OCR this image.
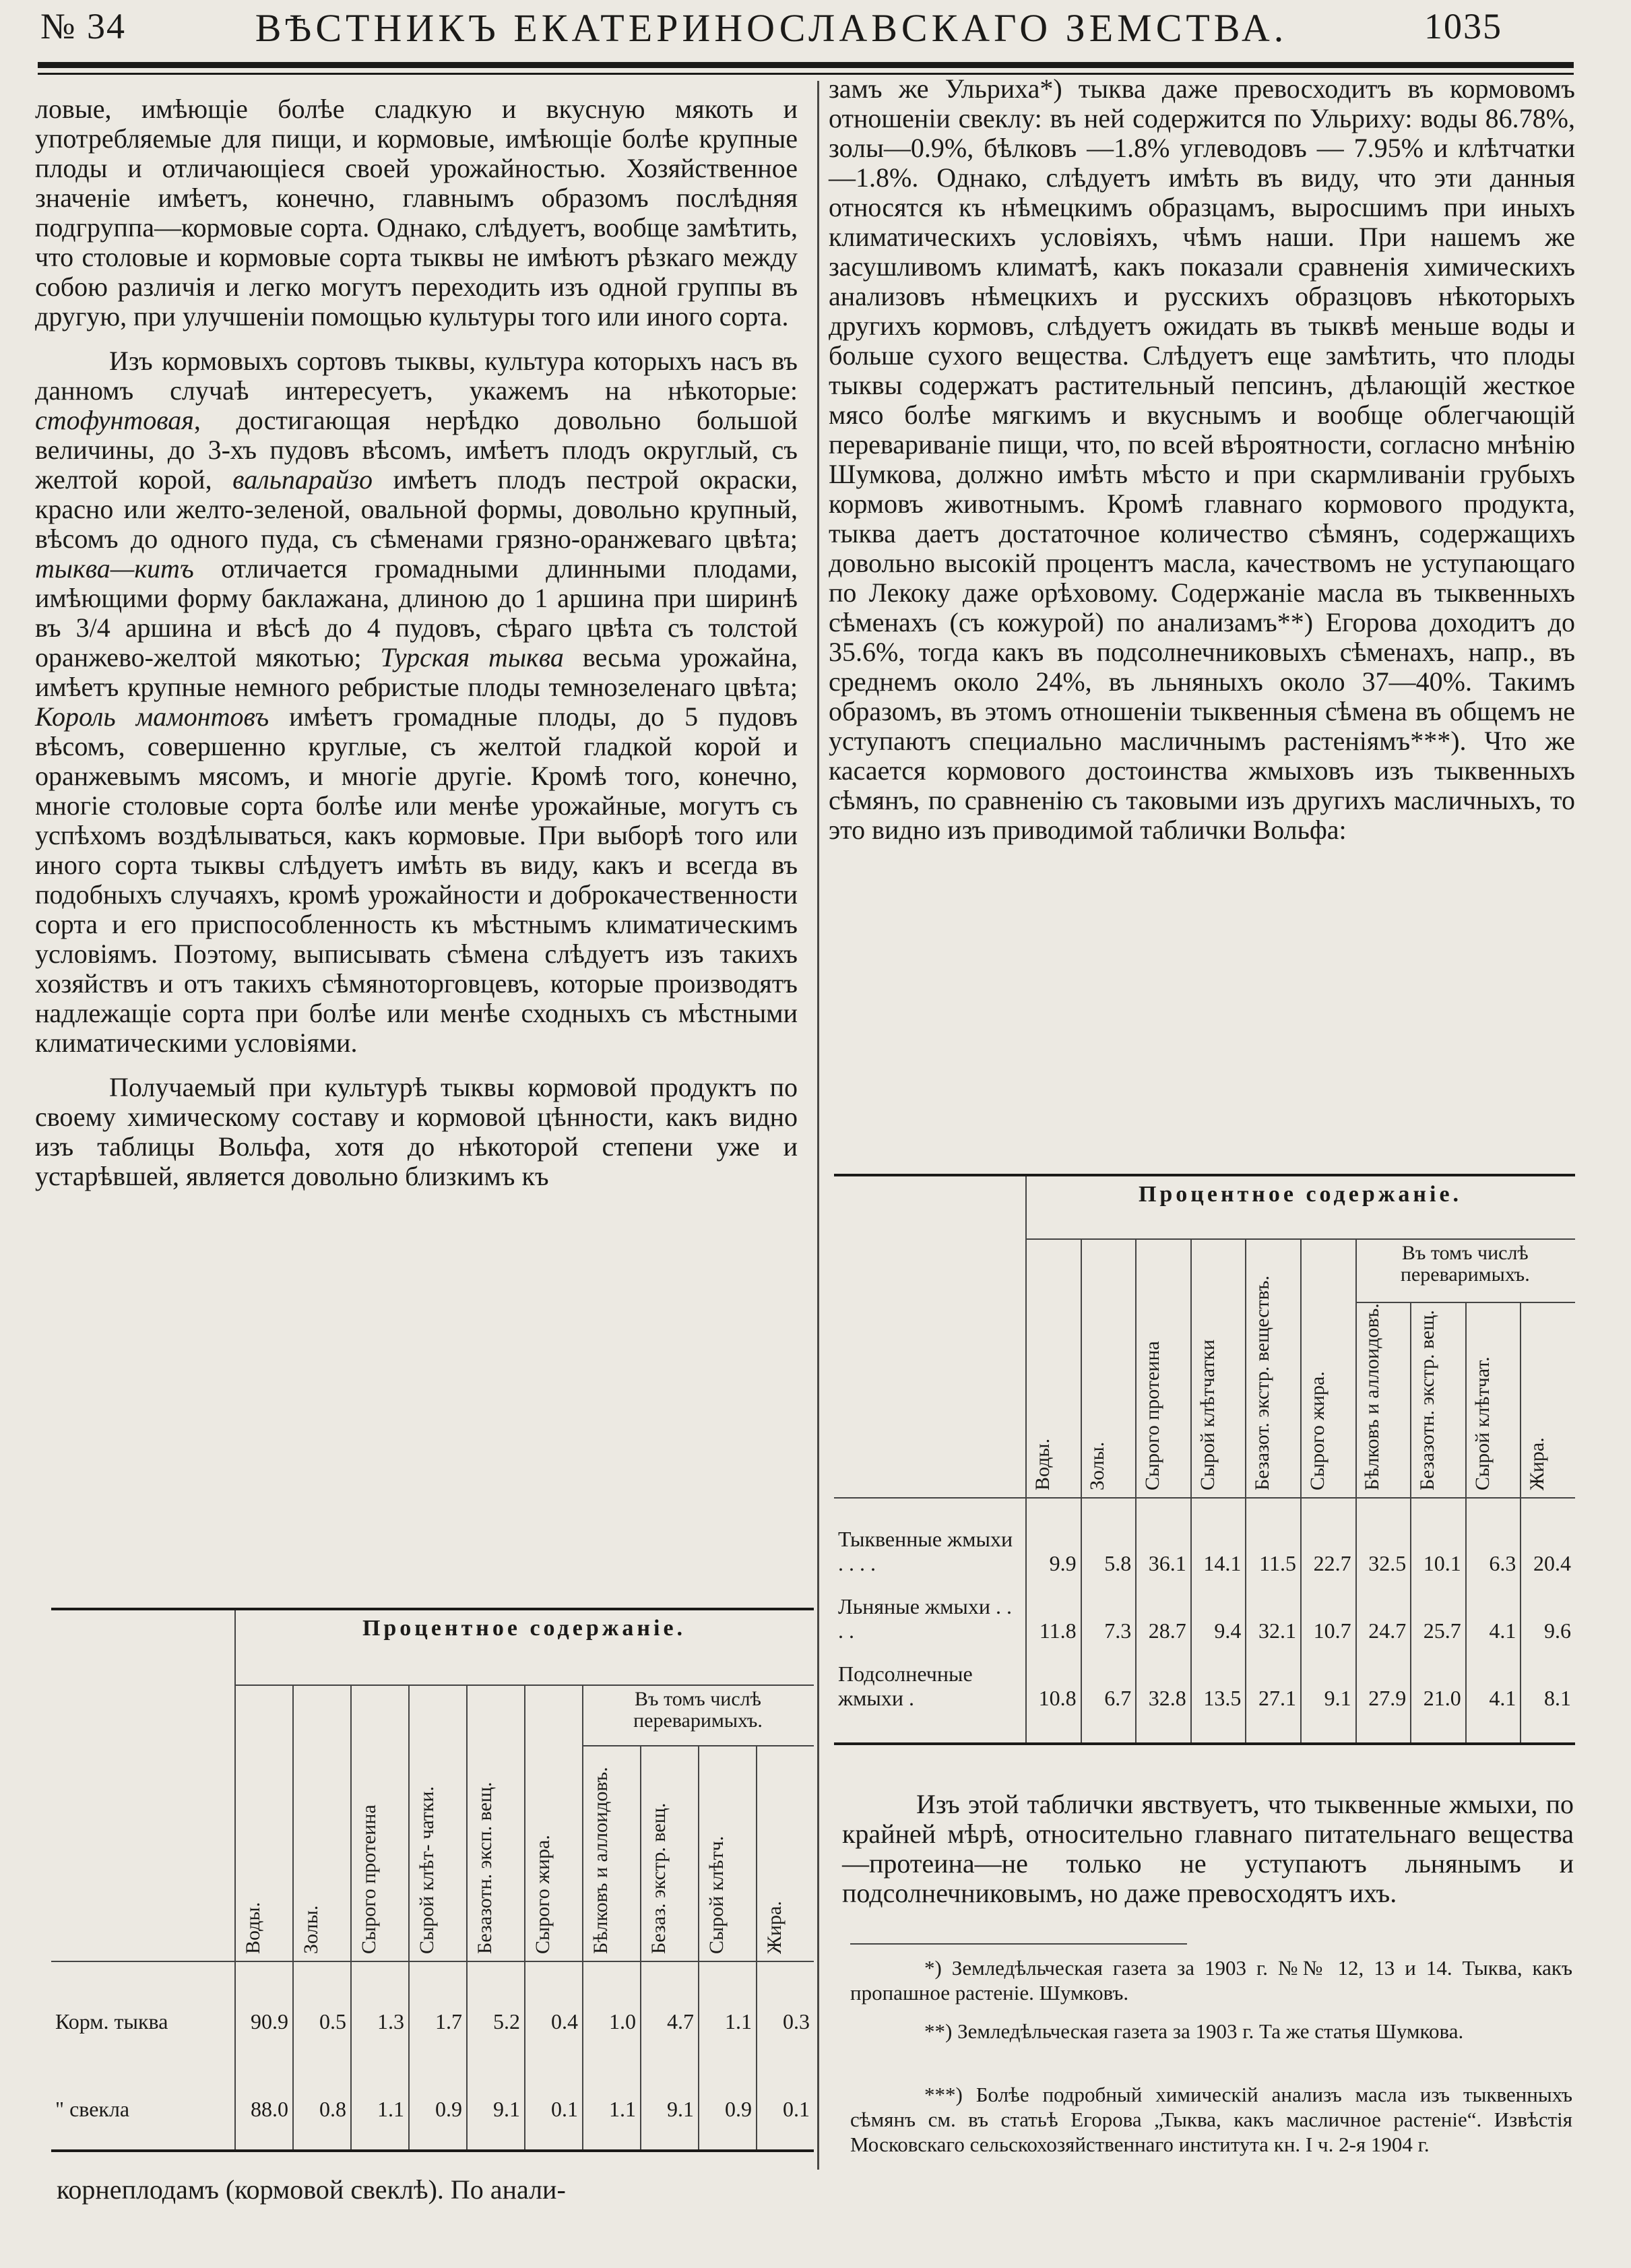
№ 34	ВѢСТНИКЪ ЕКАТЕРИНОСЛАВСКАГО ЗЕМСТВА.	1035

ловые, имѣющіе болѣе сладкую и вкусную мякоть и употребляемые для пищи, и кормовые, имѣющіе болѣе крупные плоды и отличающіеся своей урожайностью. Хозяйственное значеніе имѣетъ, конечно, главнымъ образомъ послѣдняя подгруппа—кормовые сорта. Однако, слѣдуетъ, вообще замѣтить, что столовые и кормовые сорта тыквы не имѣютъ рѣзкаго между собою различія и легко могутъ переходить изъ одной группы въ другую, при улучшеніи помощью культуры того или иного сорта.

Изъ кормовыхъ сортовъ тыквы, культура которыхъ насъ въ данномъ случаѣ интересуетъ, укажемъ на нѣкоторые: стофунтовая, достигающая нерѣдко довольно большой величины, до 3-хъ пудовъ вѣсомъ, имѣетъ плодъ округлый, съ желтой корой, вальпарайзо имѣетъ плодъ пестрой окраски, красно или желто-зеленой, овальной формы, довольно крупный, вѣсомъ до одного пуда, съ сѣменами грязно-оранжеваго цвѣта; тыква—китъ отличается громадными длинными плодами, имѣющими форму баклажана, длиною до 1 аршина при ширинѣ въ 3/4 аршина и вѣсѣ до 4 пудовъ, сѣраго цвѣта съ толстой оранжево-желтой мякотью; Турская тыква весьма урожайна, имѣетъ крупные немного ребристые плоды темнозеленаго цвѣта; Король мамонтовъ имѣетъ громадные плоды, до 5 пудовъ вѣсомъ, совершенно круглые, съ желтой гладкой корой и оранжевымъ мясомъ, и многіе другіе. Кромѣ того, конечно, многіе столовые сорта болѣе или менѣе урожайные, могутъ съ успѣхомъ воздѣлываться, какъ кормовые. При выборѣ того или иного сорта тыквы слѣдуетъ имѣть въ виду, какъ и всегда въ подобныхъ случаяхъ, кромѣ урожайности и доброкачественности сорта и его приспособленность къ мѣстнымъ климатическимъ условіямъ. Поэтому, выписывать сѣмена слѣдуетъ изъ такихъ хозяйствъ и отъ такихъ сѣмяноторговцевъ, которые производятъ надлежащіе сорта при болѣе или менѣе сходныхъ съ мѣстными климатическими условіями.

Получаемый при культурѣ тыквы кормовой продуктъ по своему химическому составу и кормовой цѣнности, какъ видно изъ таблицы Вольфа, хотя до нѣкоторой степени уже и устарѣвшей, является довольно близкимъ къ

Процентное содержаніе.
Въ томъ числѣ переваримыхъ.
Воды. Золы. Сырого протеина Сырой клѣт- чатки. Безазотн. эксп. вещ. Сырого жира. Бѣлковъ и аллоидовъ. Безаз. экстр. вещ. Сырой клѣтч. Жира.
Корм. тыква	90.9	0.5	1.3	1.7	5.2	0.4	1.0	4.7	1.1	0.3
" свекла	88.0	0.8	1.1	0.9	9.1	0.1	1.1	9.1	0.9	0.1
корнеплодамъ (кормовой свеклѣ). По анали-

замъ же Ульриха*) тыква даже превосходитъ въ кормовомъ отношеніи свеклу: въ ней содержится по Ульриху: воды 86.78%, золы—0.9%, бѣлковъ —1.8% углеводовъ — 7.95% и клѣтчатки—1.8%. Однако, слѣдуетъ имѣть въ виду, что эти данныя относятся къ нѣмецкимъ образцамъ, выросшимъ при иныхъ климатическихъ условіяхъ, чѣмъ наши. При нашемъ же засушливомъ климатѣ, какъ показали сравненія химическихъ анализовъ нѣмецкихъ и русскихъ образцовъ нѣкоторыхъ другихъ кормовъ, слѣдуетъ ожидать въ тыквѣ меньше воды и больше сухого вещества. Слѣдуетъ еще замѣтить, что плоды тыквы содержатъ растительный пепсинъ, дѣлающій жесткое мясо болѣе мягкимъ и вкуснымъ и вообще облегчающій перевариваніе пищи, что, по всей вѣроятности, согласно мнѣнію Шумкова, должно имѣть мѣсто и при скармливаніи грубыхъ кормовъ животнымъ. Кромѣ главнаго кормового продукта, тыква даетъ достаточное количество сѣмянъ, содержащихъ довольно высокій процентъ масла, качествомъ не уступающаго по Лекоку даже орѣховому. Содержаніе масла въ тыквенныхъ сѣменахъ (съ кожурой) по анализамъ**) Егорова доходитъ до 35.6%, тогда какъ въ подсолнечниковыхъ сѣменахъ, напр., въ среднемъ около 24%, въ льняныхъ около 37—40%. Такимъ образомъ, въ этомъ отношеніи тыквенныя сѣмена въ общемъ не уступаютъ специально масличнымъ растеніямъ***). Что же касается кормового достоинства жмыховъ изъ тыквенныхъ сѣмянъ, по сравненію съ таковыми изъ другихъ масличныхъ, то это видно изъ приводимой таблички Вольфа:

Процентное содержаніе.
Въ томъ числѣ переваримыхъ.
Воды. Золы. Сырого протеина Сырой клѣтчатки Безазот. экстр. веществъ. Сырого жира. Бѣлковъ и аллоидовъ. Безазотн. экстр. вещ. Сырой клѣтчат. Жира.
Тыквенные жмыхи . . . .	9.9	5.8 36.1 14.1 11.5 22.7 32.5 10.1	6.3 20.4
Льняные жмыхи . . . .	11.8	7.3 28.7	9.4 32.1 10.7 24.7 25.7	4.1	9.6
Подсолнечные жмыхи .	10.8	6.7 32.8 13.5 27.1	9.1 27.9 21.0	4.1	8.1
Изъ этой таблички явствуетъ, что тыквенные жмыхи, по крайней мѣрѣ, относительно главнаго питательнаго вещества—протеина—не только не уступаютъ льнянымъ и подсолнечниковымъ, но даже превосходятъ ихъ.
*) Земледѣльческая газета за 1903 г. №№ 12, 13 и 14. Тыква, какъ пропашное растеніе. Шумковъ.
**) Земледѣльческая газета за 1903 г. Та же статья Шумкова.
***) Болѣе подробный химическій анализъ масла изъ тыквенныхъ сѣмянъ см. въ статьѣ Егорова „Тыква, какъ масличное растеніе“. Извѣстія Московскаго сельскохозяйственнаго института кн. I ч. 2-я 1904 г.
